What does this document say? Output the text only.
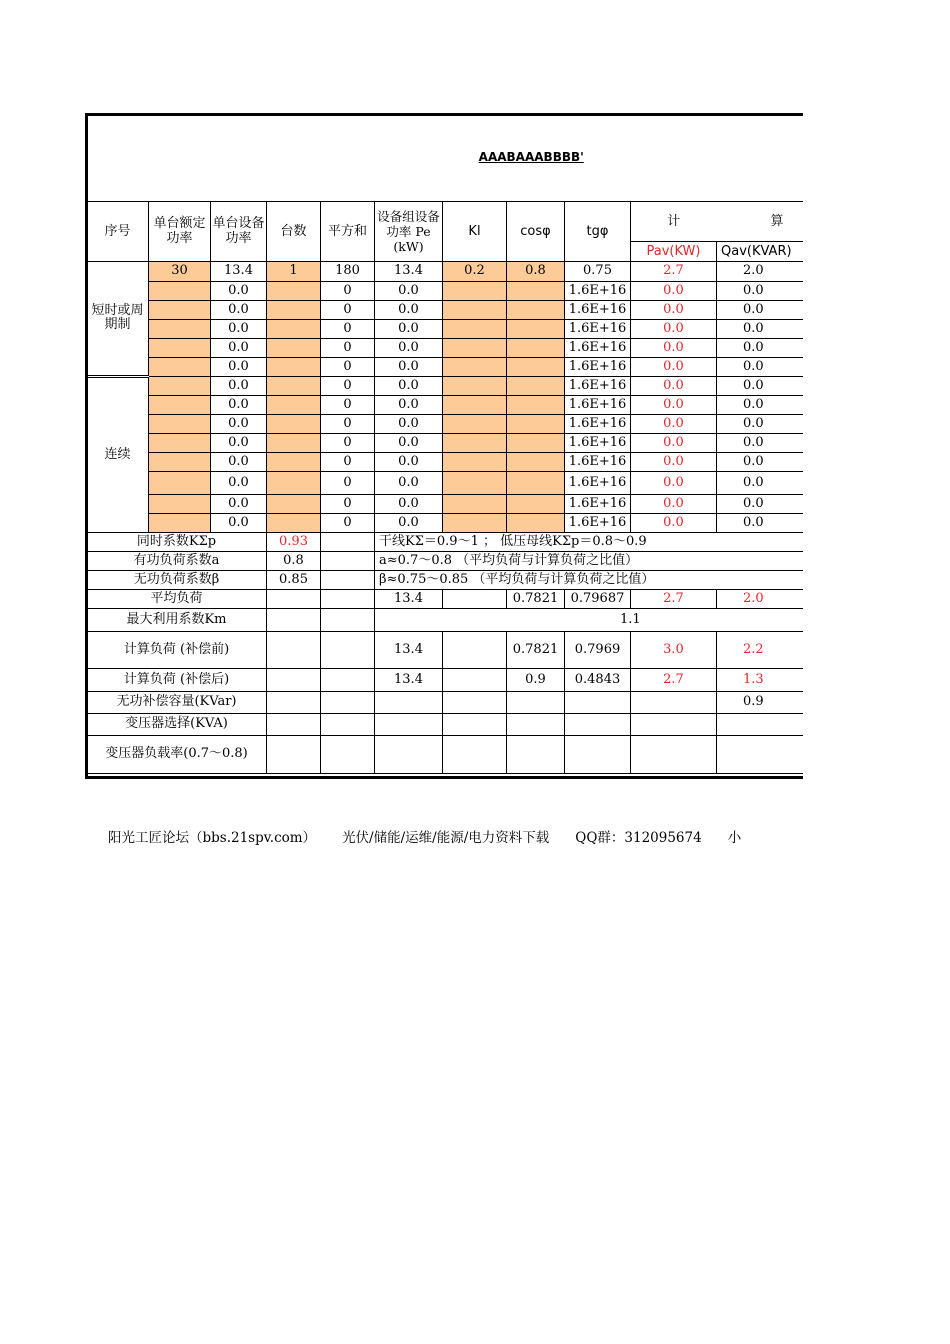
AAABAAABBBB'										
序号	单台额定功率	单台设备功率	台数	平方和	设备组设备功率 Pe (kW)	Kl	cosφ	tgφ	计	算
									Pav(KW)	Qav(KVAR)
短时或周期制	30	13.4	1	180	13.4	0.2	0.8	0.75	2.7	2.0
		0.0		0	0.0			1.6E+16	0.0	0.0
		0.0		0	0.0			1.6E+16	0.0	0.0
		0.0		0	0.0			1.6E+16	0.0	0.0
		0.0		0	0.0			1.6E+16	0.0	0.0
		0.0		0	0.0			1.6E+16	0.0	0.0
连续		0.0		0	0.0			1.6E+16	0.0	0.0
		0.0		0	0.0			1.6E+16	0.0	0.0
		0.0		0	0.0			1.6E+16	0.0	0.0
		0.0		0	0.0			1.6E+16	0.0	0.0
		0.0		0	0.0			1.6E+16	0.0	0.0
		0.0		0	0.0			1.6E+16	0.0	0.0
		0.0		0	0.0			1.6E+16	0.0	0.0
		0.0		0	0.0			1.6E+16	0.0	0.0
同时系数KΣp			0.93		干线KΣ＝0.9～1 ； 低压母线KΣp＝0.8～0.9					
有功负荷系数a			0.8		a≈0.7～0.8 （平均负荷与计算负荷之比值）					
无功负荷系数β			0.85		β≈0.75～0.85 （平均负荷与计算负荷之比值）					
平均负荷					13.4		0.7821	0.79687	2.7	2.0
最大利用系数Km					1.1					
计算负荷 (补偿前)					13.4		0.7821	0.7969	3.0	2.2
计算负荷 (补偿后)					13.4		0.9	0.4843	2.7	1.3
无功补偿容量(KVar)										0.9
变压器选择(KVA)										
变压器负载率(0.7～0.8)										
阳光工匠论坛（bbs.21spv.com） 光伏/储能/运维/能源/电力资料下载 QQ群：312095674 小
